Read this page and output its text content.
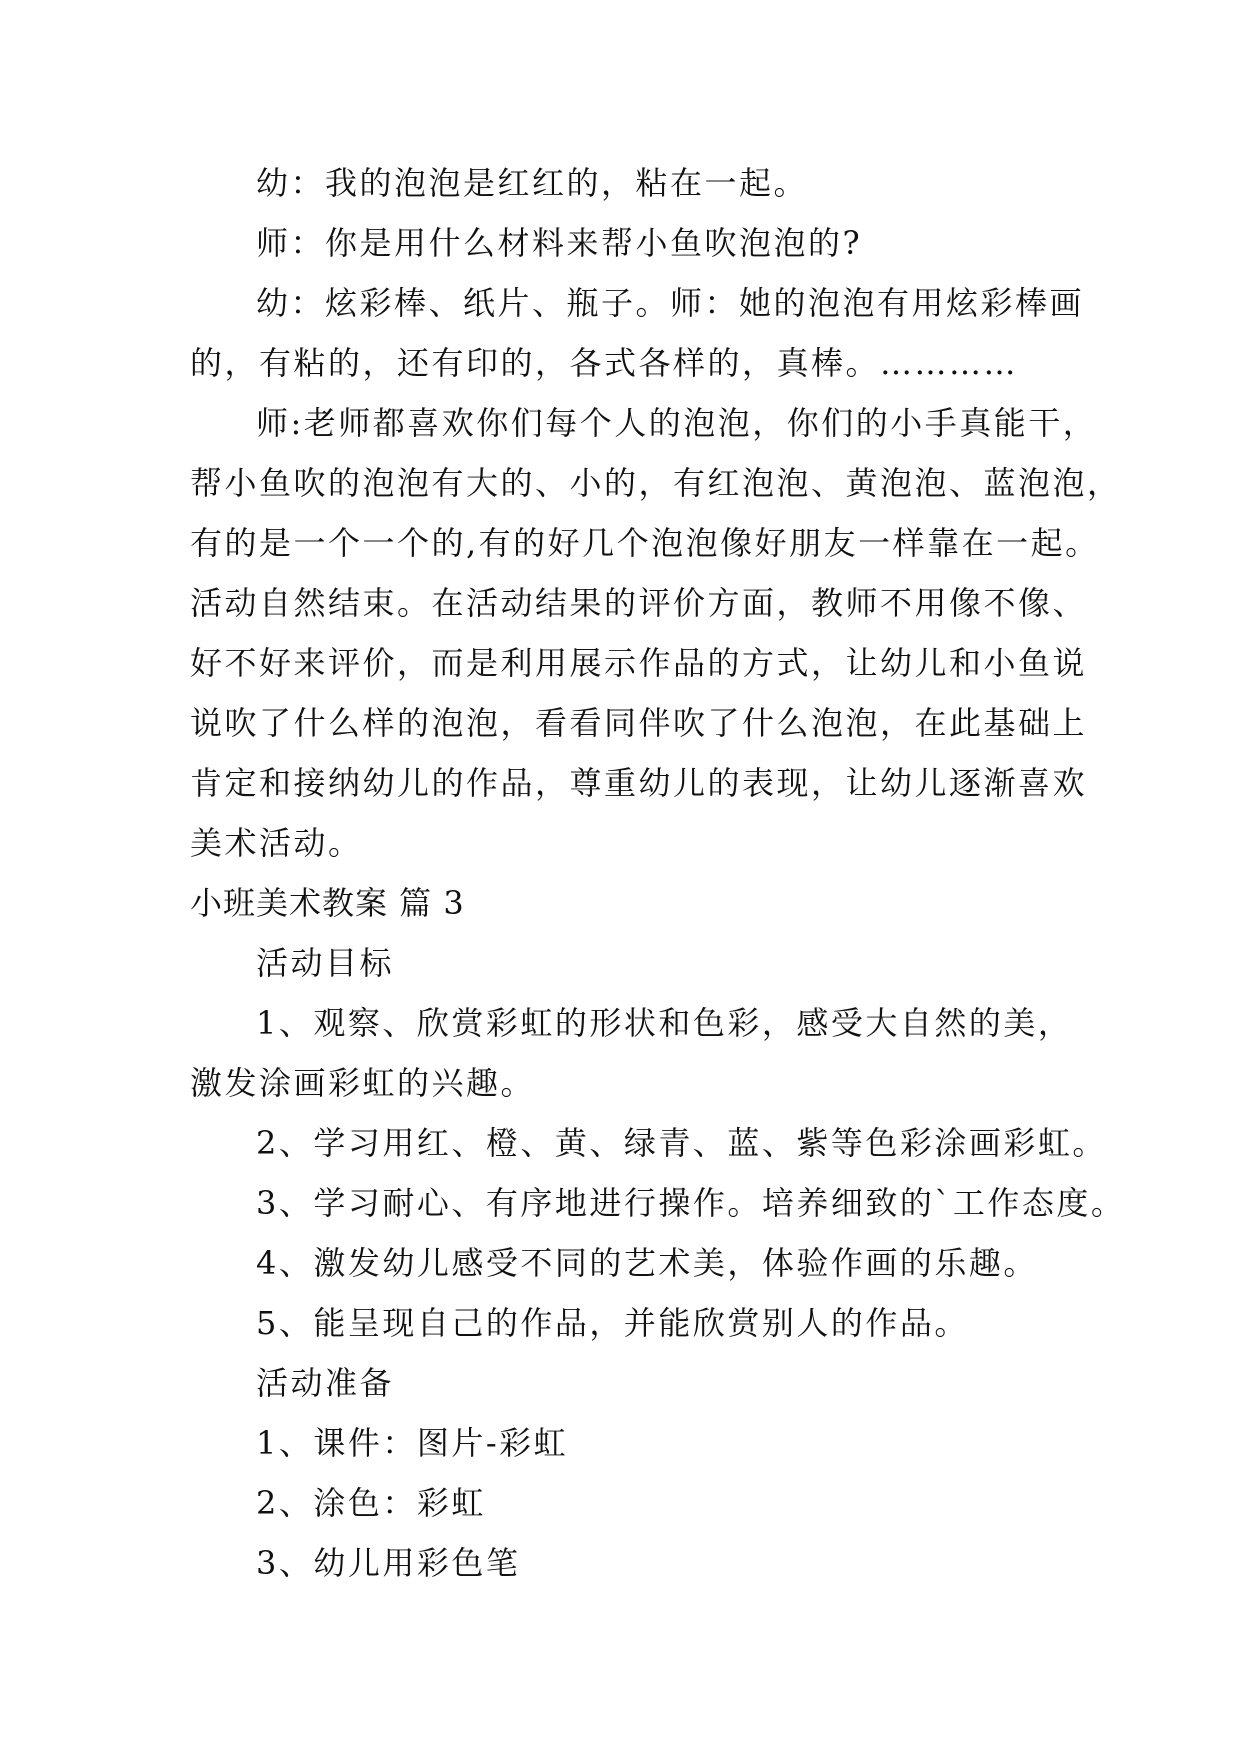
幼：我的泡泡是红红的，粘在一起。
师：你是用什么材料来帮小鱼吹泡泡的?
幼：炫彩棒、纸片、瓶子。师：她的泡泡有用炫彩棒画
的，有粘的，还有印的，各式各样的，真棒。…………
师:老师都喜欢你们每个人的泡泡，你们的小手真能干，
帮小鱼吹的泡泡有大的、小的，有红泡泡、黄泡泡、蓝泡泡，
有的是一个一个的,有的好几个泡泡像好朋友一样靠在一起。
活动自然结束。在活动结果的评价方面，教师不用像不像、
好不好来评价，而是利用展示作品的方式，让幼儿和小鱼说
说吹了什么样的泡泡，看看同伴吹了什么泡泡，在此基础上
肯定和接纳幼儿的作品，尊重幼儿的表现，让幼儿逐渐喜欢
美术活动。
小班美术教案 篇 3
活动目标
1、观察、欣赏彩虹的形状和色彩，感受大自然的美，
激发涂画彩虹的兴趣。
2、学习用红、橙、黄、绿青、蓝、紫等色彩涂画彩虹。
3、学习耐心、有序地进行操作。培养细致的`工作态度。
4、激发幼儿感受不同的艺术美，体验作画的乐趣。
5、能呈现自己的作品，并能欣赏别人的作品。
活动准备
1、课件：图片-彩虹
2、涂色：彩虹
3、幼儿用彩色笔
